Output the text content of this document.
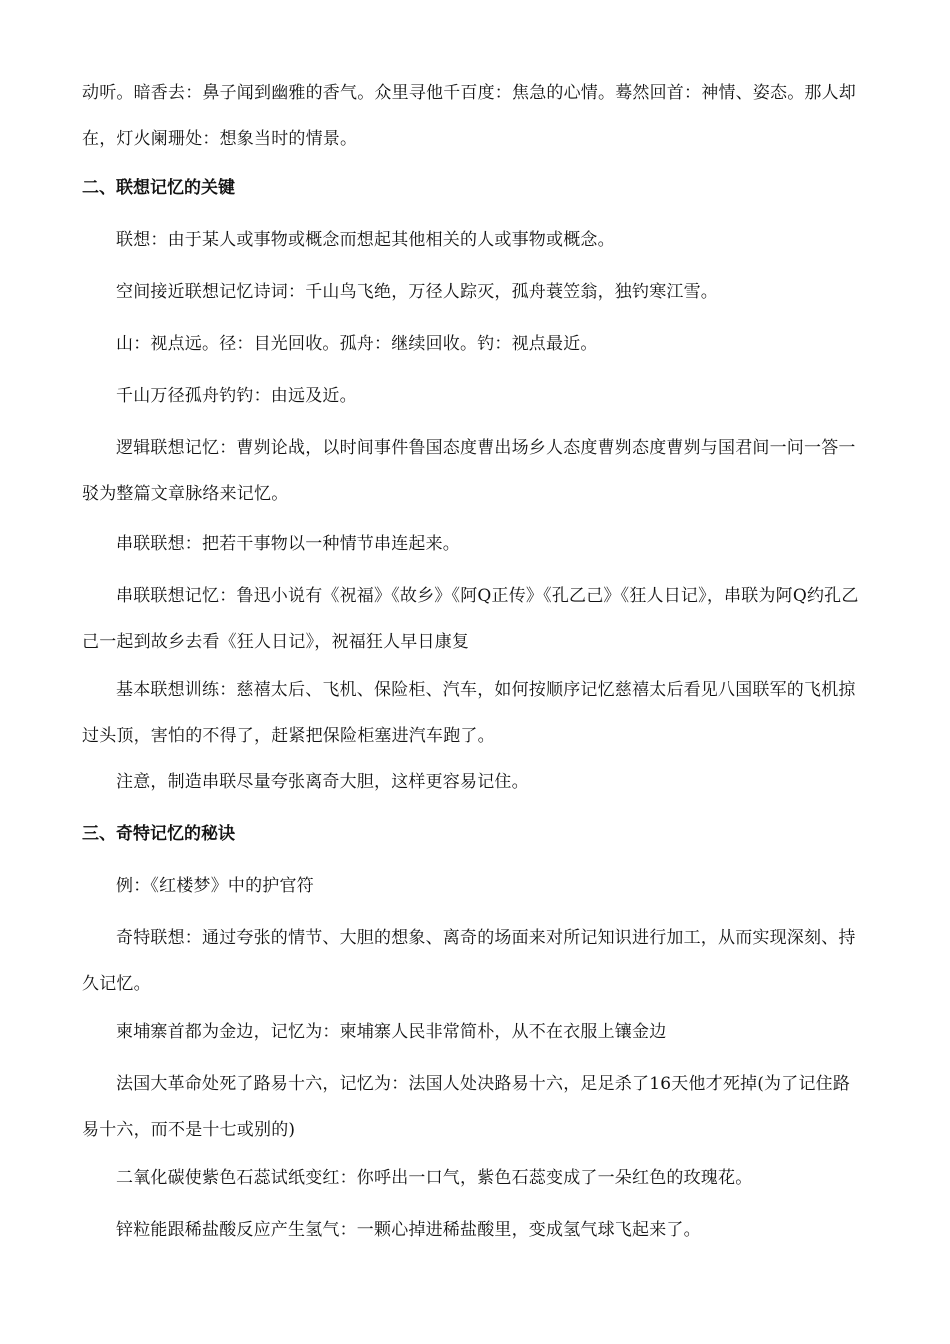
动听。暗香去：鼻子闻到幽雅的香气。众里寻他千百度：焦急的心情。蓦然回首：神情、姿态。那人却在，灯火阑珊处：想象当时的情景。

二、联想记忆的关键

联想：由于某人或事物或概念而想起其他相关的人或事物或概念。

空间接近联想记忆诗词：千山鸟飞绝，万径人踪灭，孤舟蓑笠翁，独钓寒江雪。

山：视点远。径：目光回收。孤舟：继续回收。钓：视点最近。

千山万径孤舟钓钓：由远及近。

逻辑联想记忆：曹刿论战，以时间事件鲁国态度曹出场乡人态度曹刿态度曹刿与国君间一问一答一驳为整篇文章脉络来记忆。

串联联想：把若干事物以一种情节串连起来。

串联联想记忆：鲁迅小说有《祝福》《故乡》《阿Q正传》《孔乙己》《狂人日记》，串联为阿Q约孔乙己一起到故乡去看《狂人日记》，祝福狂人早日康复

基本联想训练：慈禧太后、飞机、保险柜、汽车，如何按顺序记忆慈禧太后看见八国联军的飞机掠过头顶，害怕的不得了，赶紧把保险柜塞进汽车跑了。

注意，制造串联尽量夸张离奇大胆，这样更容易记住。

三、奇特记忆的秘诀

例：《红楼梦》中的护官符

奇特联想：通过夸张的情节、大胆的想象、离奇的场面来对所记知识进行加工，从而实现深刻、持久记忆。

柬埔寨首都为金边，记忆为：柬埔寨人民非常简朴，从不在衣服上镶金边

法国大革命处死了路易十六，记忆为：法国人处决路易十六，足足杀了16天他才死掉(为了记住路易十六，而不是十七或别的)

二氧化碳使紫色石蕊试纸变红：你呼出一口气，紫色石蕊变成了一朵红色的玫瑰花。

锌粒能跟稀盐酸反应产生氢气：一颗心掉进稀盐酸里，变成氢气球飞起来了。
